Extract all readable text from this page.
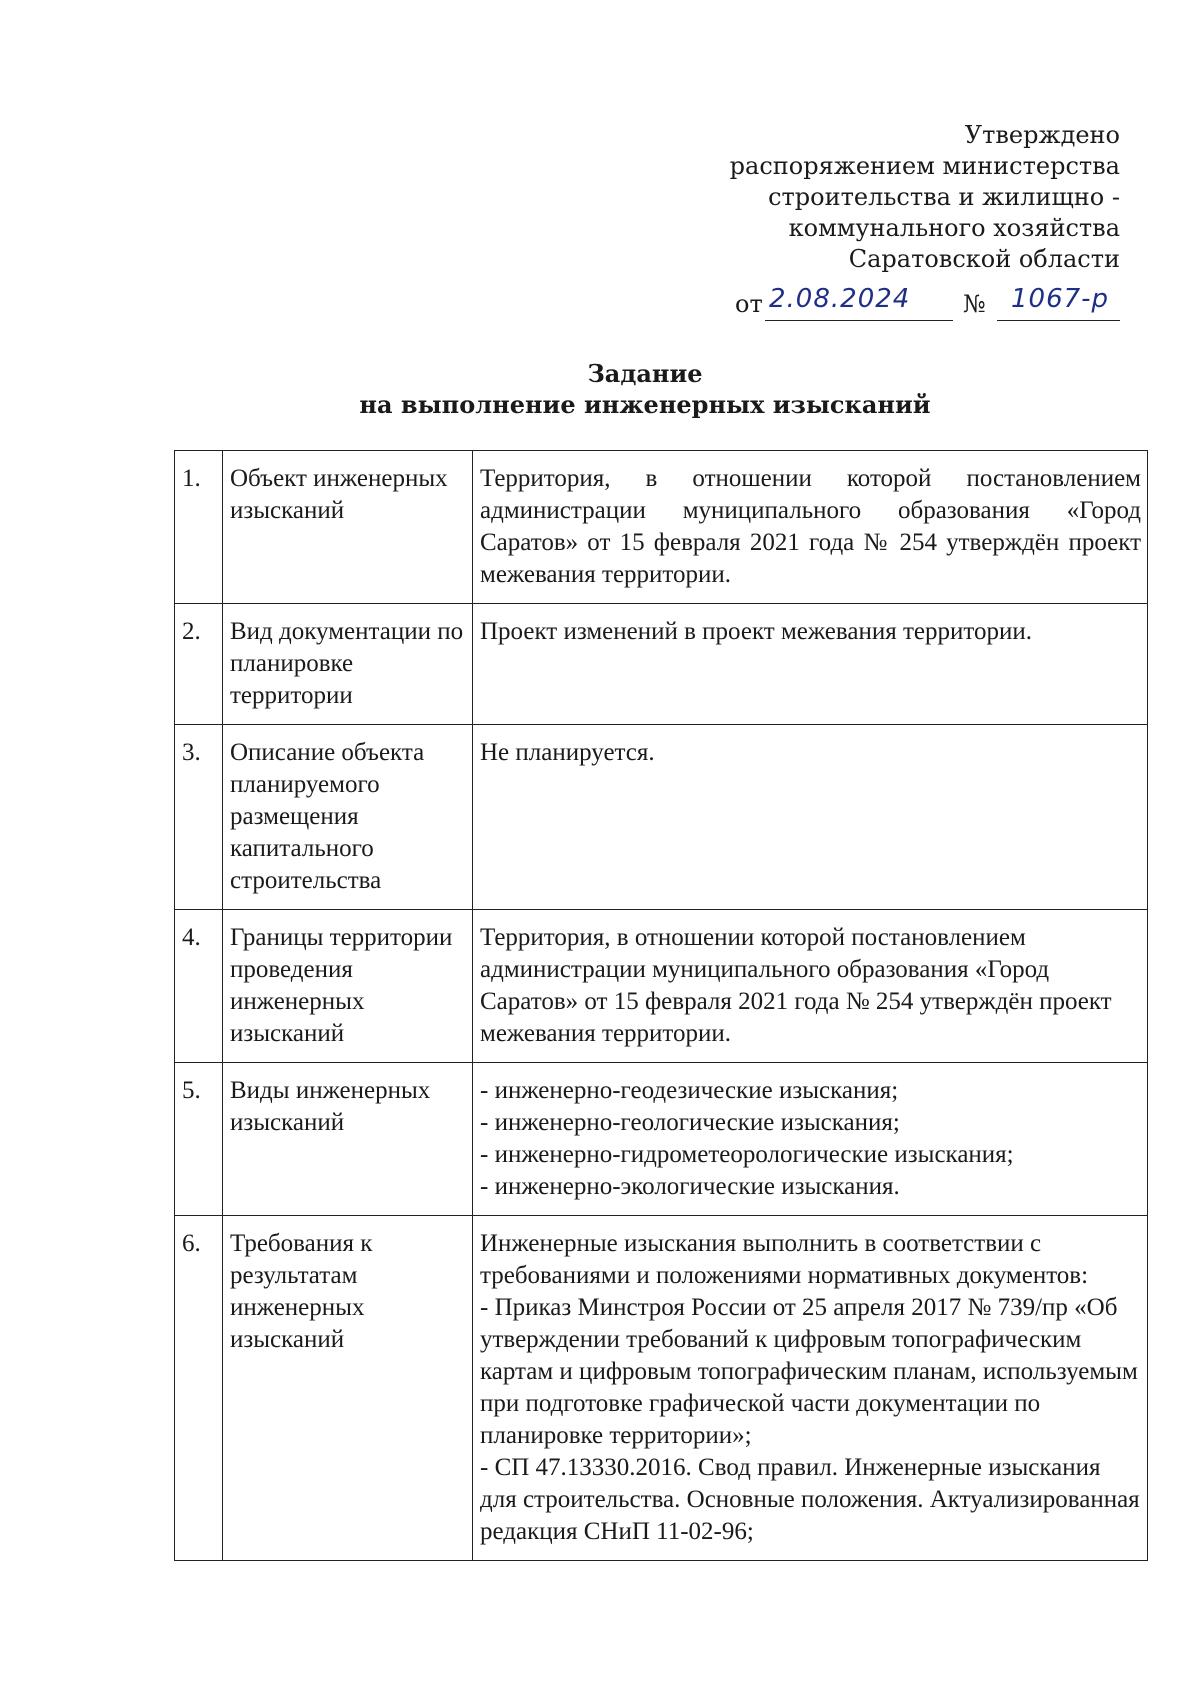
Утверждено
распоряжением министерства
строительства и жилищно -
коммунального хозяйства
Саратовской области
от 2.08.2024 № 1067-р
Задание
на выполнение инженерных изысканий
1.	Объект инженерных изысканий	Территория, в отношении которой постановлением администрации муниципального образования «Город Саратов» от 15 февраля 2021 года № 254 утверждён проект межевания территории.
2.	Вид документации по планировке территории	Проект изменений в проект межевания территории.
3.	Описание объекта планируемого размещения капитального строительства	Не планируется.
4.	Границы территории проведения инженерных изысканий	Территория, в отношении которой постановлением администрации муниципального образования «Город Саратов» от 15 февраля 2021 года № 254 утверждён проект межевания территории.
5.	Виды инженерных изысканий	- инженерно-геодезические изыскания;
- инженерно-геологические изыскания;
- инженерно-гидрометеорологические изыскания;
- инженерно-экологические изыскания.

6.	Требования к результатам инженерных изысканий	Инженерные изыскания выполнить в соответствии с требованиями и положениями нормативных документов:
- Приказ Минстроя России от 25 апреля 2017 № 739/пр «Об утверждении требований к цифровым топографическим картам и цифровым топографическим планам, используемым при подготовке графической части документации по планировке территории»;
- СП 47.13330.2016. Свод правил. Инженерные изыскания для строительства. Основные положения. Актуализированная редакция СНиП 11-02-96;
